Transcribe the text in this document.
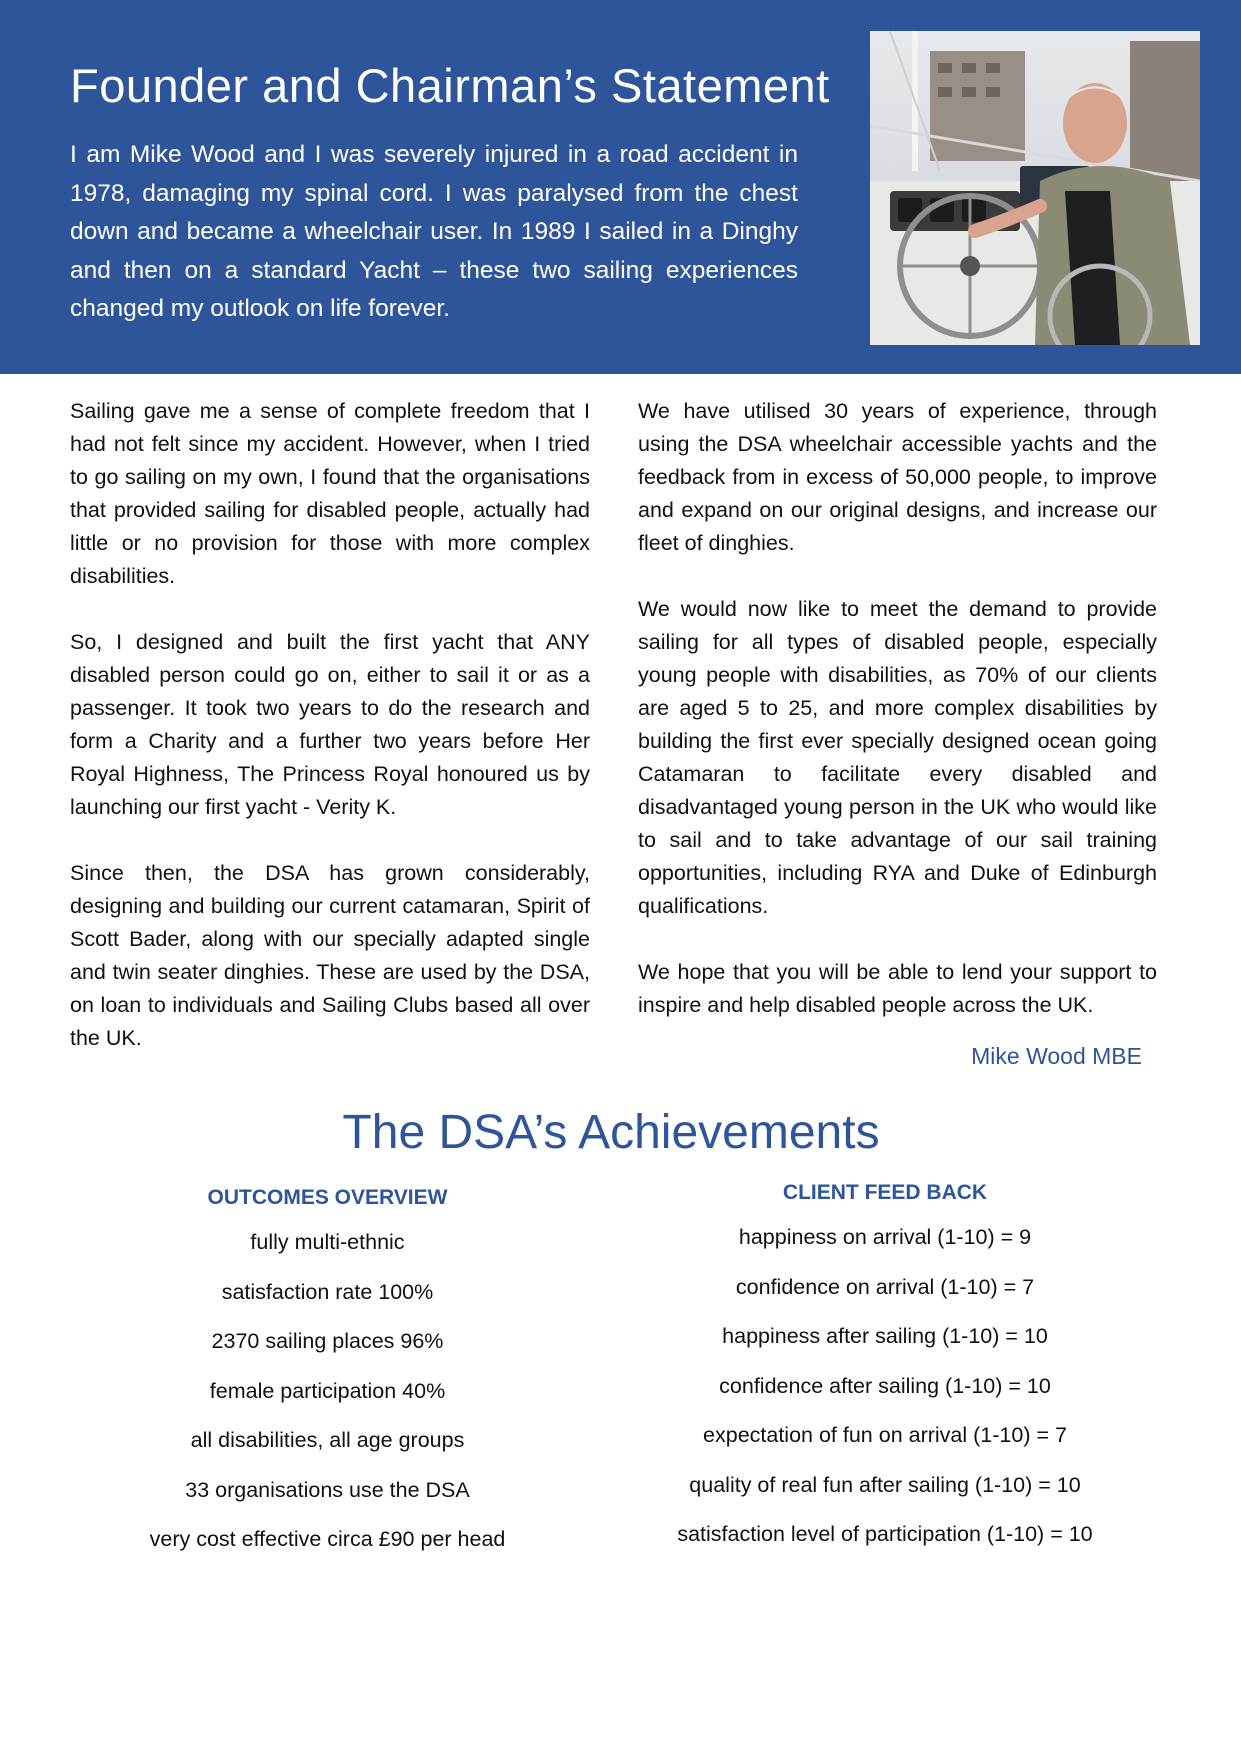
Founder and Chairman’s Statement

I am Mike Wood and I was severely injured in a road accident in 1978, damaging my spinal cord. I was paralysed from the chest down and became a wheelchair user. In 1989 I sailed in a Dinghy and then on a standard Yacht – these two sailing experiences changed my outlook on life forever.

Sailing gave me a sense of complete freedom that I had not felt since my accident. However, when I tried to go sailing on my own, I found that the organisations that provided sailing for disabled people, actually had little or no provision for those with more complex disabilities.

So, I designed and built the first yacht that ANY disabled person could go on, either to sail it or as a passenger. It took two years to do the research and form a Charity and a further two years before Her Royal Highness, The Princess Royal honoured us by launching our first yacht - Verity K.

Since then, the DSA has grown considerably, designing and building our current catamaran, Spirit of Scott Bader, along with our specially adapted single and twin seater dinghies. These are used by the DSA, on loan to individuals and Sailing Clubs based all over the UK.

We have utilised 30 years of experience, through using the DSA wheelchair accessible yachts and the feedback from in excess of 50,000 people, to improve and expand on our original designs, and increase our fleet of dinghies.

We would now like to meet the demand to provide sailing for all types of disabled people, especially young people with disabilities, as 70% of our clients are aged 5 to 25, and more complex disabilities by building the first ever specially designed ocean going Catamaran to facilitate every disabled and disadvantaged young person in the UK who would like to sail and to take advantage of our sail training opportunities, including RYA and Duke of Edinburgh qualifications.

We hope that you will be able to lend your support to inspire and help disabled people across the UK.

Mike Wood MBE
The DSA’s Achievements
OUTCOMES OVERVIEW
fully multi-ethnic
satisfaction rate 100%
2370 sailing places 96%
female participation 40%
all disabilities, all age groups
33 organisations use the DSA
very cost effective circa £90 per head
CLIENT FEED BACK
happiness on arrival (1-10) = 9
confidence on arrival (1-10) = 7
happiness after sailing (1-10) = 10
confidence after sailing (1-10) = 10
expectation of fun on arrival (1-10) = 7
quality of real fun after sailing (1-10) = 10
satisfaction level of participation (1-10) = 10
